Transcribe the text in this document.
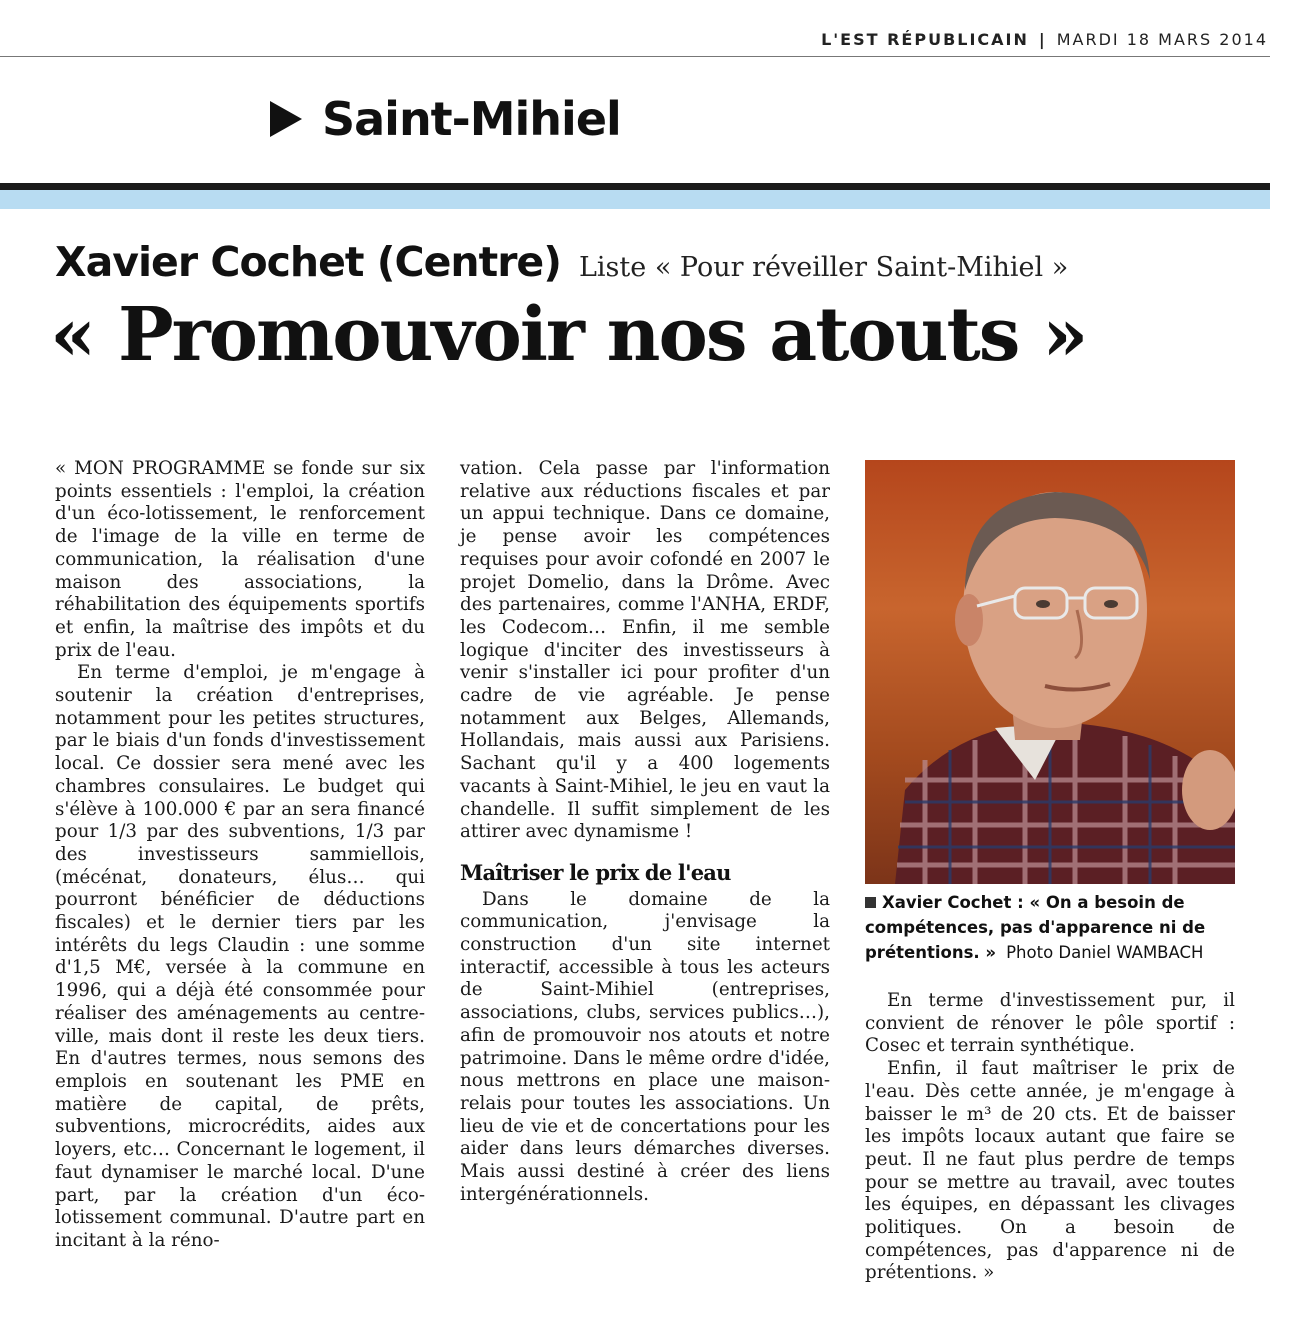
L'EST RÉPUBLICAIN | MARDI 18 MARS 2014
Saint-Mihiel
Xavier Cochet (Centre) Liste « Pour réveiller Saint-Mihiel »
« Promouvoir nos atouts »

« MON PROGRAMME se fonde sur six points essentiels : l'emploi, la création d'un éco-lotissement, le renforcement de l'image de la ville en terme de communication, la réalisation d'une maison des associations, la réhabilitation des équipements sportifs et enfin, la maîtrise des impôts et du prix de l'eau.

En terme d'emploi, je m'engage à soutenir la création d'entreprises, notamment pour les petites structures, par le biais d'un fonds d'investissement local. Ce dossier sera mené avec les chambres consulaires. Le budget qui s'élève à 100.000 € par an sera financé pour 1/3 par des subventions, 1/3 par des investisseurs sammiellois, (mécénat, donateurs, élus… qui pourront bénéficier de déductions fiscales) et le dernier tiers par les intérêts du legs Claudin : une somme d'1,5 M€, versée à la commune en 1996, qui a déjà été consommée pour réaliser des aménagements au centre-ville, mais dont il reste les deux tiers. En d'autres termes, nous semons des emplois en soutenant les PME en matière de capital, de prêts, subventions, microcrédits, aides aux loyers, etc… Concernant le logement, il faut dynamiser le marché local. D'une part, par la création d'un éco-lotissement communal. D'autre part en incitant à la réno-

vation. Cela passe par l'information relative aux réductions fiscales et par un appui technique. Dans ce domaine, je pense avoir les compétences requises pour avoir cofondé en 2007 le projet Domelio, dans la Drôme. Avec des partenaires, comme l'ANHA, ERDF, les Codecom… Enfin, il me semble logique d'inciter des investisseurs à venir s'installer ici pour profiter d'un cadre de vie agréable. Je pense notamment aux Belges, Allemands, Hollandais, mais aussi aux Parisiens. Sachant qu'il y a 400 logements vacants à Saint-Mihiel, le jeu en vaut la chandelle. Il suffit simplement de les attirer avec dynamisme !

Maîtriser le prix de l'eau

Dans le domaine de la communication, j'envisage la construction d'un site internet interactif, accessible à tous les acteurs de Saint-Mihiel (entreprises, associations, clubs, services publics…), afin de promouvoir nos atouts et notre patrimoine. Dans le même ordre d'idée, nous mettrons en place une maison-relais pour toutes les associations. Un lieu de vie et de concertations pour les aider dans leurs démarches diverses. Mais aussi destiné à créer des liens intergénérationnels.

Xavier Cochet : « On a besoin de compétences, pas d'apparence ni de prétentions. » Photo Daniel WAMBACH

En terme d'investissement pur, il convient de rénover le pôle sportif : Cosec et terrain synthétique.

Enfin, il faut maîtriser le prix de l'eau. Dès cette année, je m'engage à baisser le m³ de 20 cts. Et de baisser les impôts locaux autant que faire se peut. Il ne faut plus perdre de temps pour se mettre au travail, avec toutes les équipes, en dépassant les clivages politiques. On a besoin de compétences, pas d'apparence ni de prétentions. »
